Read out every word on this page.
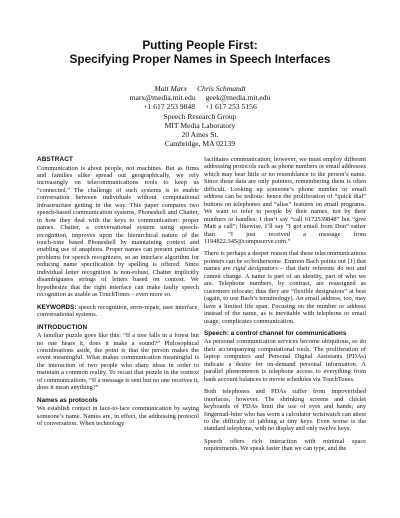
Putting People First:
Specifying Proper Names in Speech Interfaces
Matt Marx Chris Schmandt
marx@media.mit.edu geek@media.mit.edu
+1 617 253 9848 +1 617 253 5156
Speech Research Group
MIT Media Laboratory
20 Ames St.
Cambridge, MA 02139
ABSTRACT

Communication is about people, not machines. But as firms and families alike spread out geographically, we rely increasingly on telecommunications tools to keep us “connected.” The challenge of such systems is to enable conversation between individuals without computational infrastructure getting in the way. This paper compares two speech-based communication systems, Phoneshell and Chatter, in how they deal with the keys to communication: proper names. Chatter, a conversational system using speech-recognition, improves upon the hierarchical nature of the touch-tone based Phoneshell by maintaining context and enabling use of anaphora. Proper names can present particular problems for speech recognizers, so an interface algorithm for reducing name specification by spelling is offered. Since individual letter recognition is non-robust, Chatter implicitly disambiguates strings of letters based on context. We hypothesize that the right interface can make faulty speech recognition as usable as TouchTones – even more so.

KEYWORDS: speech recognition, error-repair, user interface, conversational systems.

INTRODUCTION

A familiar puzzle goes like this: “If a tree falls in a forest but no one hears it, does it make a sound?” Philosophical considerations aside, the point is that the person makes the event meaningful. What makes communication meaningful is the interaction of two people who share ideas in order to maintain a common reality. To recast that puzzle in the context of communications, “If a message is sent but no one receives it, does it mean anything?”

Names as protocols

We establish contact in face-to-face communication by saying someone’s name. Names are, in effect, the addressing protocol of conversation. When technology

facilitates communication, however, we must employ different addressing protocols such as phone numbers or email addresses which may bear little or no resemblance to the person’s name. Since these data are only pointers, remembering them is often difficult. Looking up someone’s phone number or email address can be tedious: hence the proliferation of “quick dial” buttons on telephones and “alias” features on email programs. We want to refer to people by their names, not by their numbers or handles: I don’t say “call 6172539848” but “give Matt a call”; likewise, I’ll say “I got email from Don” rather than “I just received a message from 1194822.345@compuserve.com.”

There is perhaps a deeper reason that these telecommunications pointers can be so bothersome. Emmon Bach points out [1] that names are rigid designators – that their referents do not and cannot change. A name is part of an identity, part of who we are. Telephone numbers, by contrast, are reassigned as customers relocate; thus they are “flexible designators” at best (again, to use Bach’s terminology). An email address, too, may have a limited life span. Focusing on the number or address instead of the name, as is inevitable with telephone or email usage, complicates communication.

Speech: a control channel for communications

As personal communication services become ubiquitous, so do their accompanying computational tools. The proliferation of laptop computers and Personal Digital Assistants (PDAs) indicate a desire for on-demand personal information. A parallel phenomenon is telephone access to everything from bank account balances to movie schedules via TouchTones.

Both telephones and PDAs suffer from impoverished interfaces, however. The shrinking screens and chiclet keyboards of PDAs limit the use of eyes and hands; any fingernail-biter who has worn a calculator wristwatch can attest to the difficulty of jabbing at tiny keys. Even worse is the standard telephone, with no display and only twelve keys.

Speech offers rich interaction with minimal space requirements. We speak faster than we can type, and the
